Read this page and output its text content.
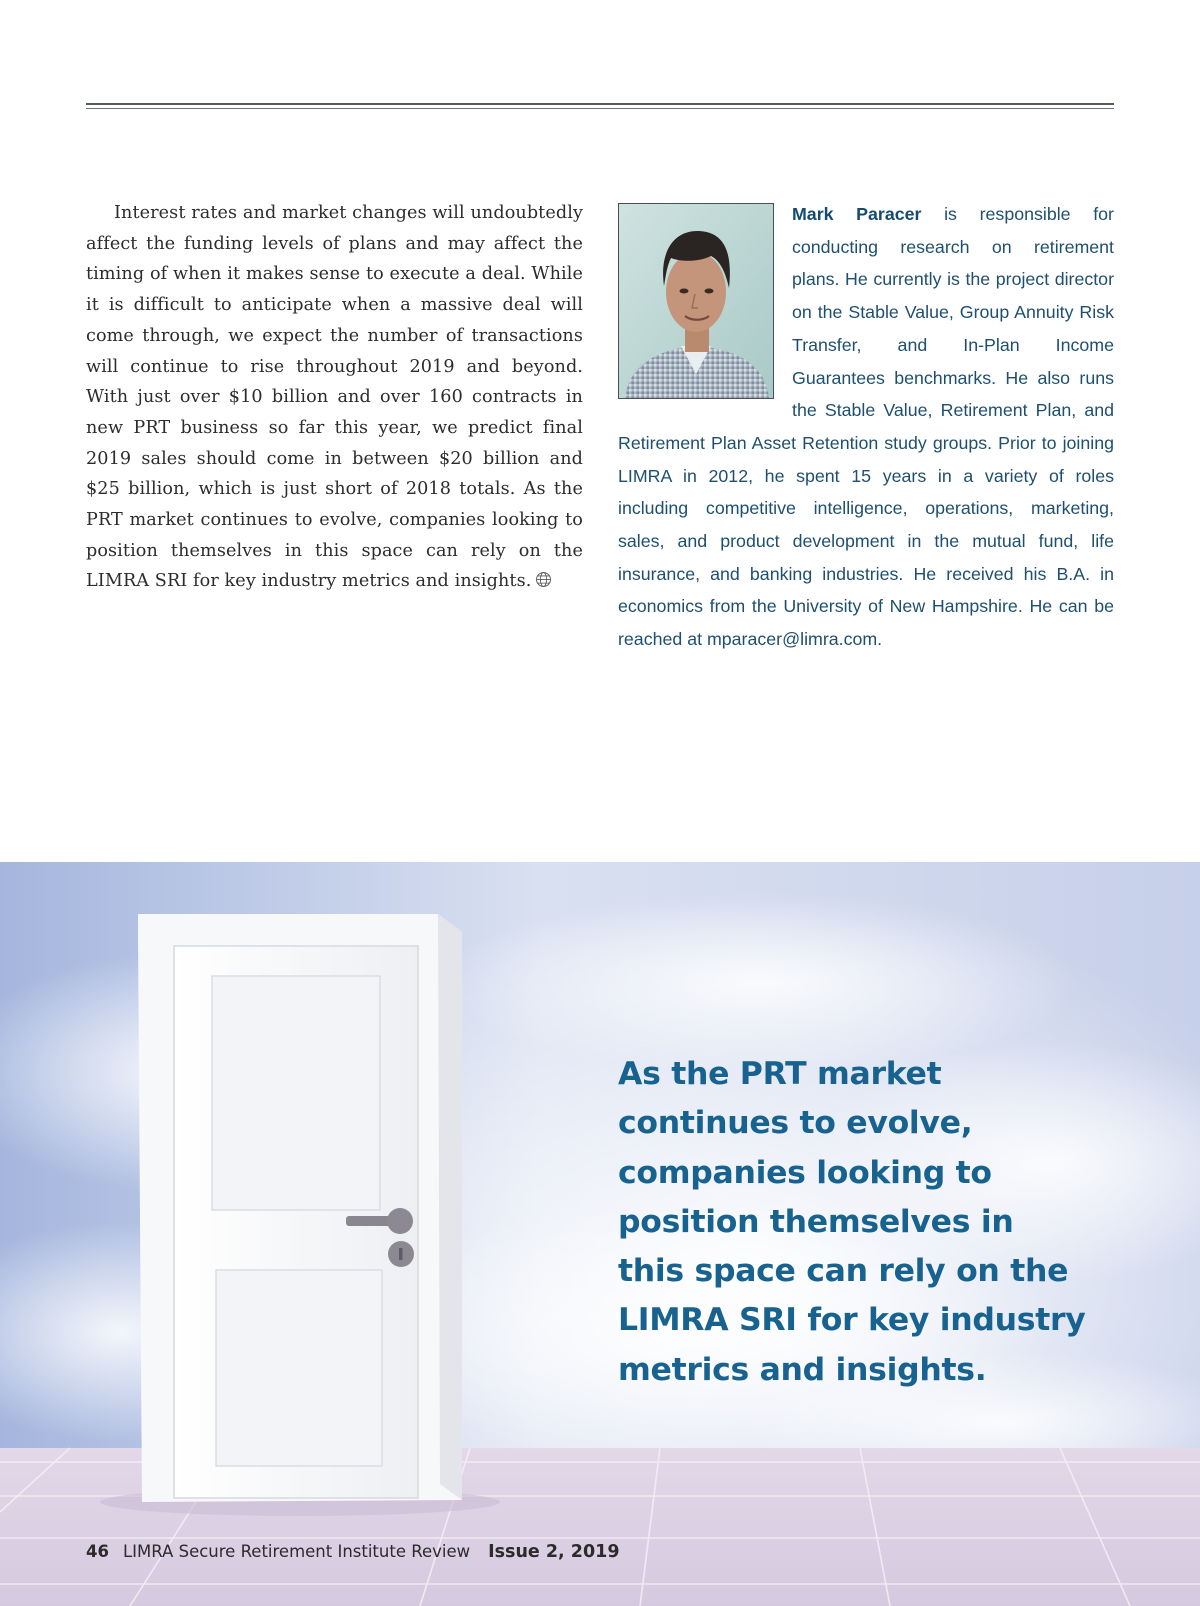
Interest rates and market changes will undoubtedly affect the funding levels of plans and may affect the timing of when it makes sense to execute a deal. While it is difficult to anticipate when a massive deal will come through, we expect the number of transactions will continue to rise throughout 2019 and beyond. With just over $10 billion and over 160 contracts in new PRT business so far this year, we predict final 2019 sales should come in between $20 billion and $25 billion, which is just short of 2018 totals. As the PRT market continues to evolve, companies looking to position themselves in this space can rely on the LIMRA SRI for key industry metrics and insights.

Mark Paracer is responsible for conducting research on retirement plans. He currently is the project director on the Stable Value, Group Annuity Risk Transfer, and In-Plan Income Guarantees benchmarks. He also runs the Stable Value, Retirement Plan, and Retirement Plan Asset Retention study groups. Prior to joining LIMRA in 2012, he spent 15 years in a variety of roles including competitive intelligence, operations, marketing, sales, and product development in the mutual fund, life insurance, and banking industries. He received his B.A. in economics from the University of New Hampshire. He can be reached at mparacer@limra.com.
As the PRT market continues to evolve, companies looking to position themselves in this space can rely on the LIMRA SRI for key industry metrics and insights.
46 LIMRA Secure Retirement Institute Review Issue 2, 2019
